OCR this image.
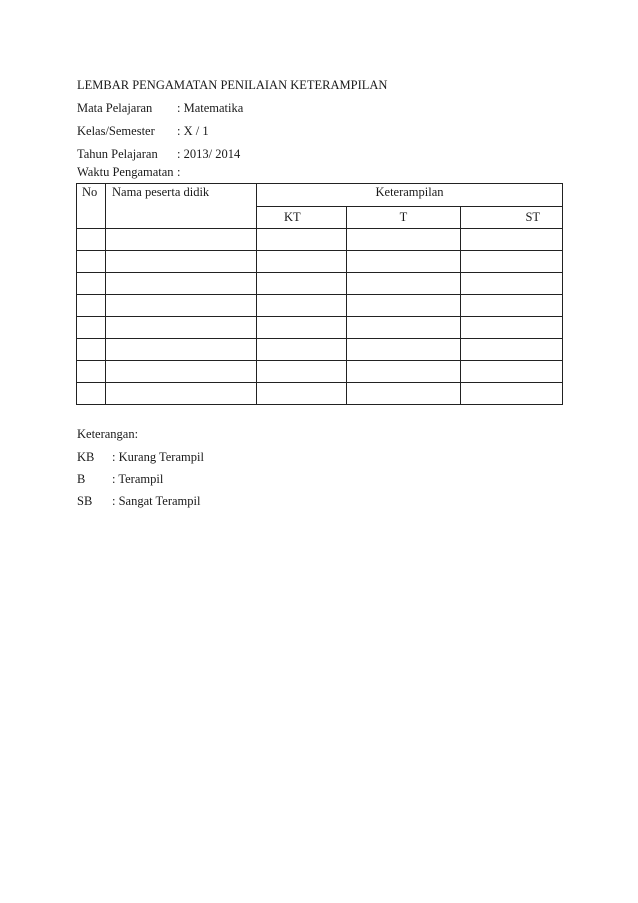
LEMBAR PENGAMATAN PENILAIAN KETERAMPILAN
Mata Pelajaran : Matematika
Kelas/Semester : X / 1
Tahun Pelajaran : 2013/ 2014
Waktu Pengamatan :
No	Nama peserta didik	Keterampilan		
		KT	T	ST

Keterangan:
KB : Kurang Terampil
B : Terampil
SB : Sangat Terampil
